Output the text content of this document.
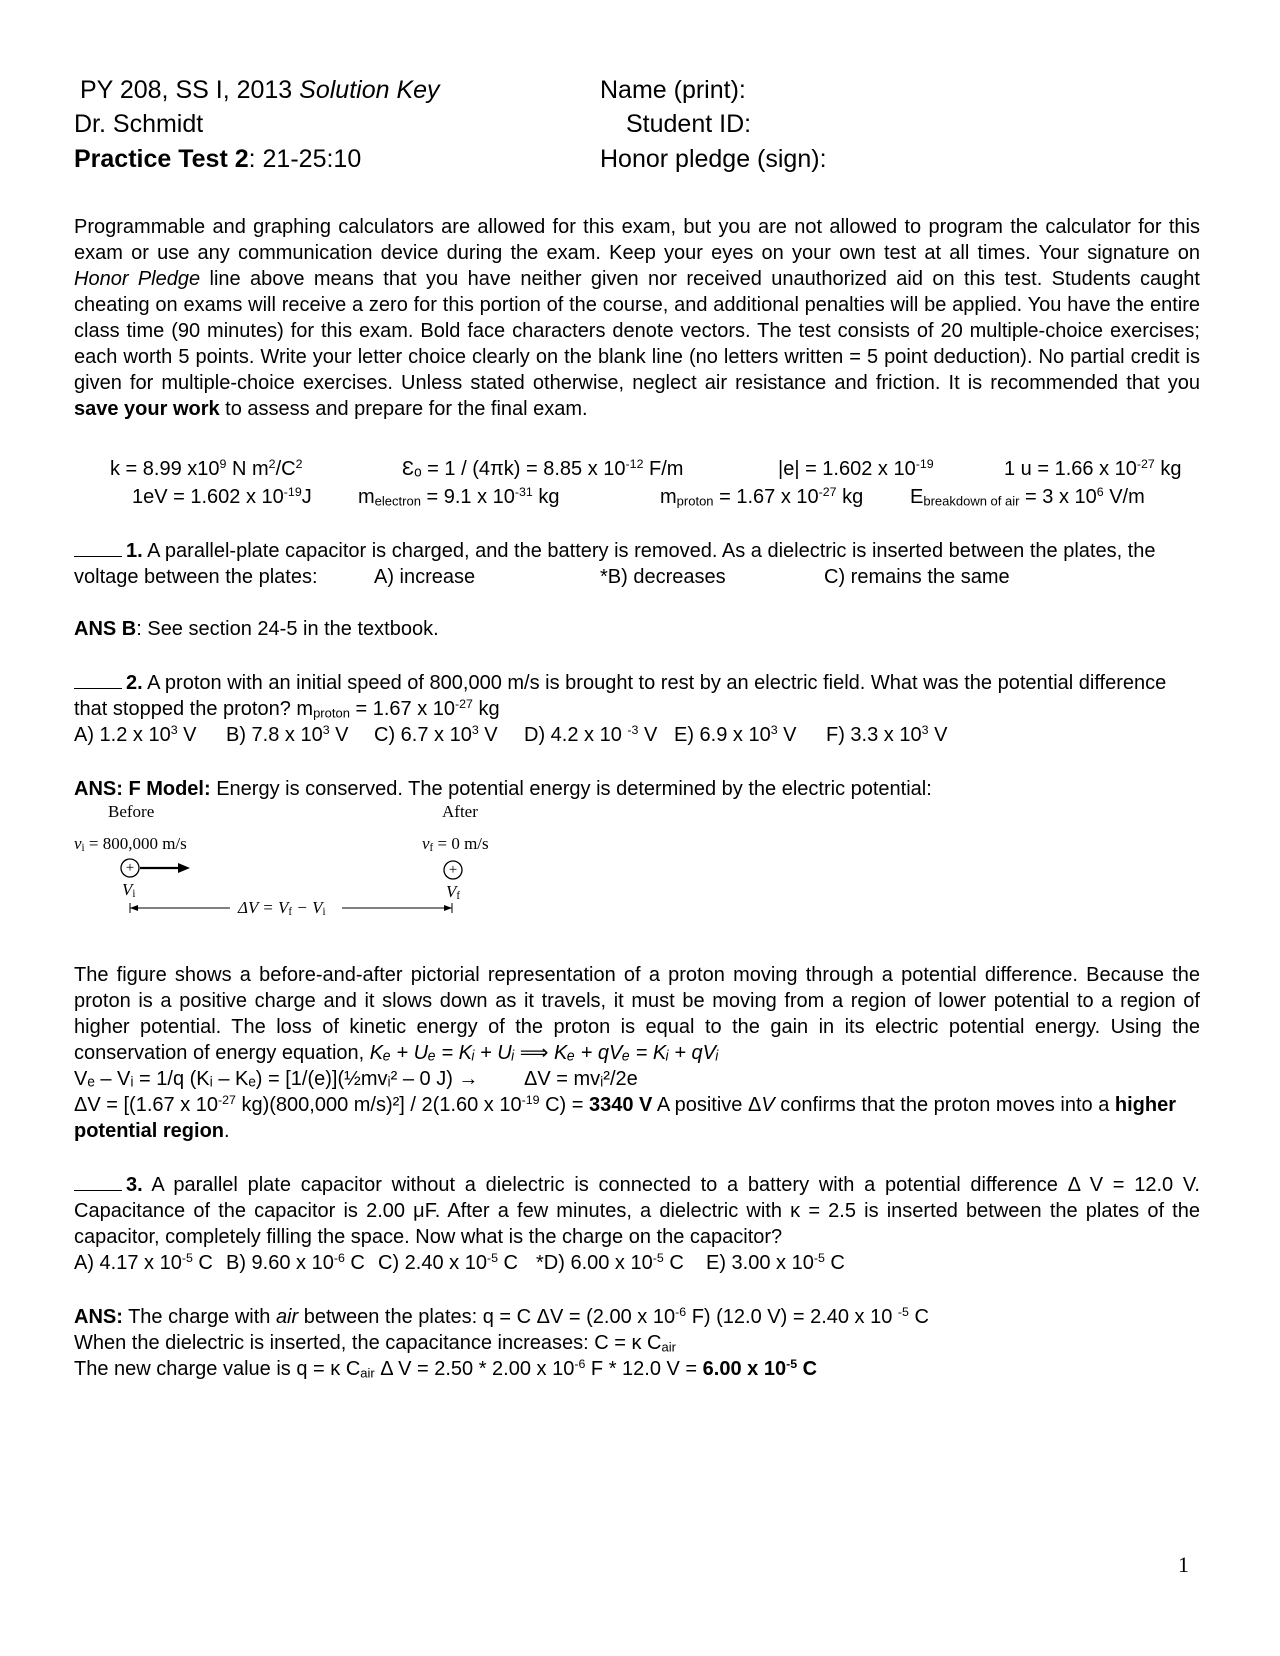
PY 208, SS I, 2013 Solution Key
Dr. Schmidt
Practice Test 2: 21-25:10
Name (print):
Student ID:
Honor pledge (sign):
Programmable and graphing calculators are allowed for this exam, but you are not allowed to program the calculator for this exam or use any communication device during the exam. Keep your eyes on your own test at all times. Your signature on Honor Pledge line above means that you have neither given nor received unauthorized aid on this test. Students caught cheating on exams will receive a zero for this portion of the course, and additional penalties will be applied. You have the entire class time (90 minutes) for this exam. Bold face characters denote vectors. The test consists of 20 multiple-choice exercises; each worth 5 points. Write your letter choice clearly on the blank line (no letters written = 5 point deduction). No partial credit is given for multiple-choice exercises. Unless stated otherwise, neglect air resistance and friction. It is recommended that you save your work to assess and prepare for the final exam.
k = 8.99 $x10^9$ N $m^2/C^2$	Ɛₒ = 1 / (4πk) = 8.85 x $10^{-12}$ F/m	|e| = 1.602 x $10^{-19}$	1 u = 1.66 x $10^{-27}$ kg
1eV = 1.602 x $10^{-19}J$ $m_{electron} = 9.1$ x $10^{-31}$ kg	$m_{proton} = 1.67$ x $10^{-27}$ kg $E_{breakdown of air} = 3$ x $10^6$ V/m
1. A parallel-plate capacitor is charged, and the battery is removed. As a dielectric is inserted between the plates, the
voltage between the plates:	A) increase	*B) decreases	C) remains the same
ANS B: See section 24-5 in the textbook.
2. A proton with an initial speed of 800,000 m/s is brought to rest by an electric field. What was the potential difference
that stopped the proton? $m_{proton} = 1.67$ x $10^{-27}$ kg
A) 1.2 x $10^3$ V B) 7.8 x $10^3$ V C) 6.7 x $10^3$ V D) 4.2 x 10 $^{-3}$ V E) 6.9 x $10^3$ V F) 3.3 x $10^3$ V
ANS: F Model: Energy is conserved. The potential energy is determined by the electric potential:
Before	After
$v_i = 800,000$ m/s	$v_f = 0$ m/s
+	+
$V_i$	$V_f$
$\Delta V = V_f - V_i$
The figure shows a before-and-after pictorial representation of a proton moving through a potential difference. Because the proton is a positive charge and it slows down as it travels, it must be moving from a region of lower potential to a region of higher potential. The loss of kinetic energy of the proton is equal to the gain in its electric potential energy. Using the conservation of energy equation, Kₑ + Uₑ = Kᵢ + Uᵢ ⟹ Kₑ + qVₑ = Kᵢ + qVᵢ
Vₑ – Vᵢ = 1/q (Kᵢ – Kₑ) = [1/(e)](½mvᵢ² – 0 J) → ΔV = mvᵢ²/2e
ΔV = [(1.67 x $10^{-27}$ kg)(800,000 m/s)²] / 2(1.60 x $10^{-19}$ C) = 3340 V A positive ΔV confirms that the proton moves into a higher
potential region.
3. A parallel plate capacitor without a dielectric is connected to a battery with a potential difference Δ V = 12.0 V. Capacitance of the capacitor is 2.00 μF. After a few minutes, a dielectric with κ = 2.5 is inserted between the plates of the capacitor, completely filling the space. Now what is the charge on the capacitor?
A) 4.17 x $10^{-5}$ C B) 9.60 x $10^{-6}$ C C) 2.40 x $10^{-5}$ C *D) 6.00 x $10^{-5}$ C E) 3.00 x $10^{-5}$ C
ANS: The charge with air between the plates: q = C ΔV = (2.00 x $10^{-6}$ F) (12.0 V) = 2.40 x 10 $^{-5}$ C
When the dielectric is inserted, the capacitance increases: C = κ $C_{air}$
The new charge value is q = κ $C_{air}$ Δ V = 2.50 * 2.00 x $10^{-6}$ F * 12.0 V = 6.00 x $10^{-5}$ C
1
